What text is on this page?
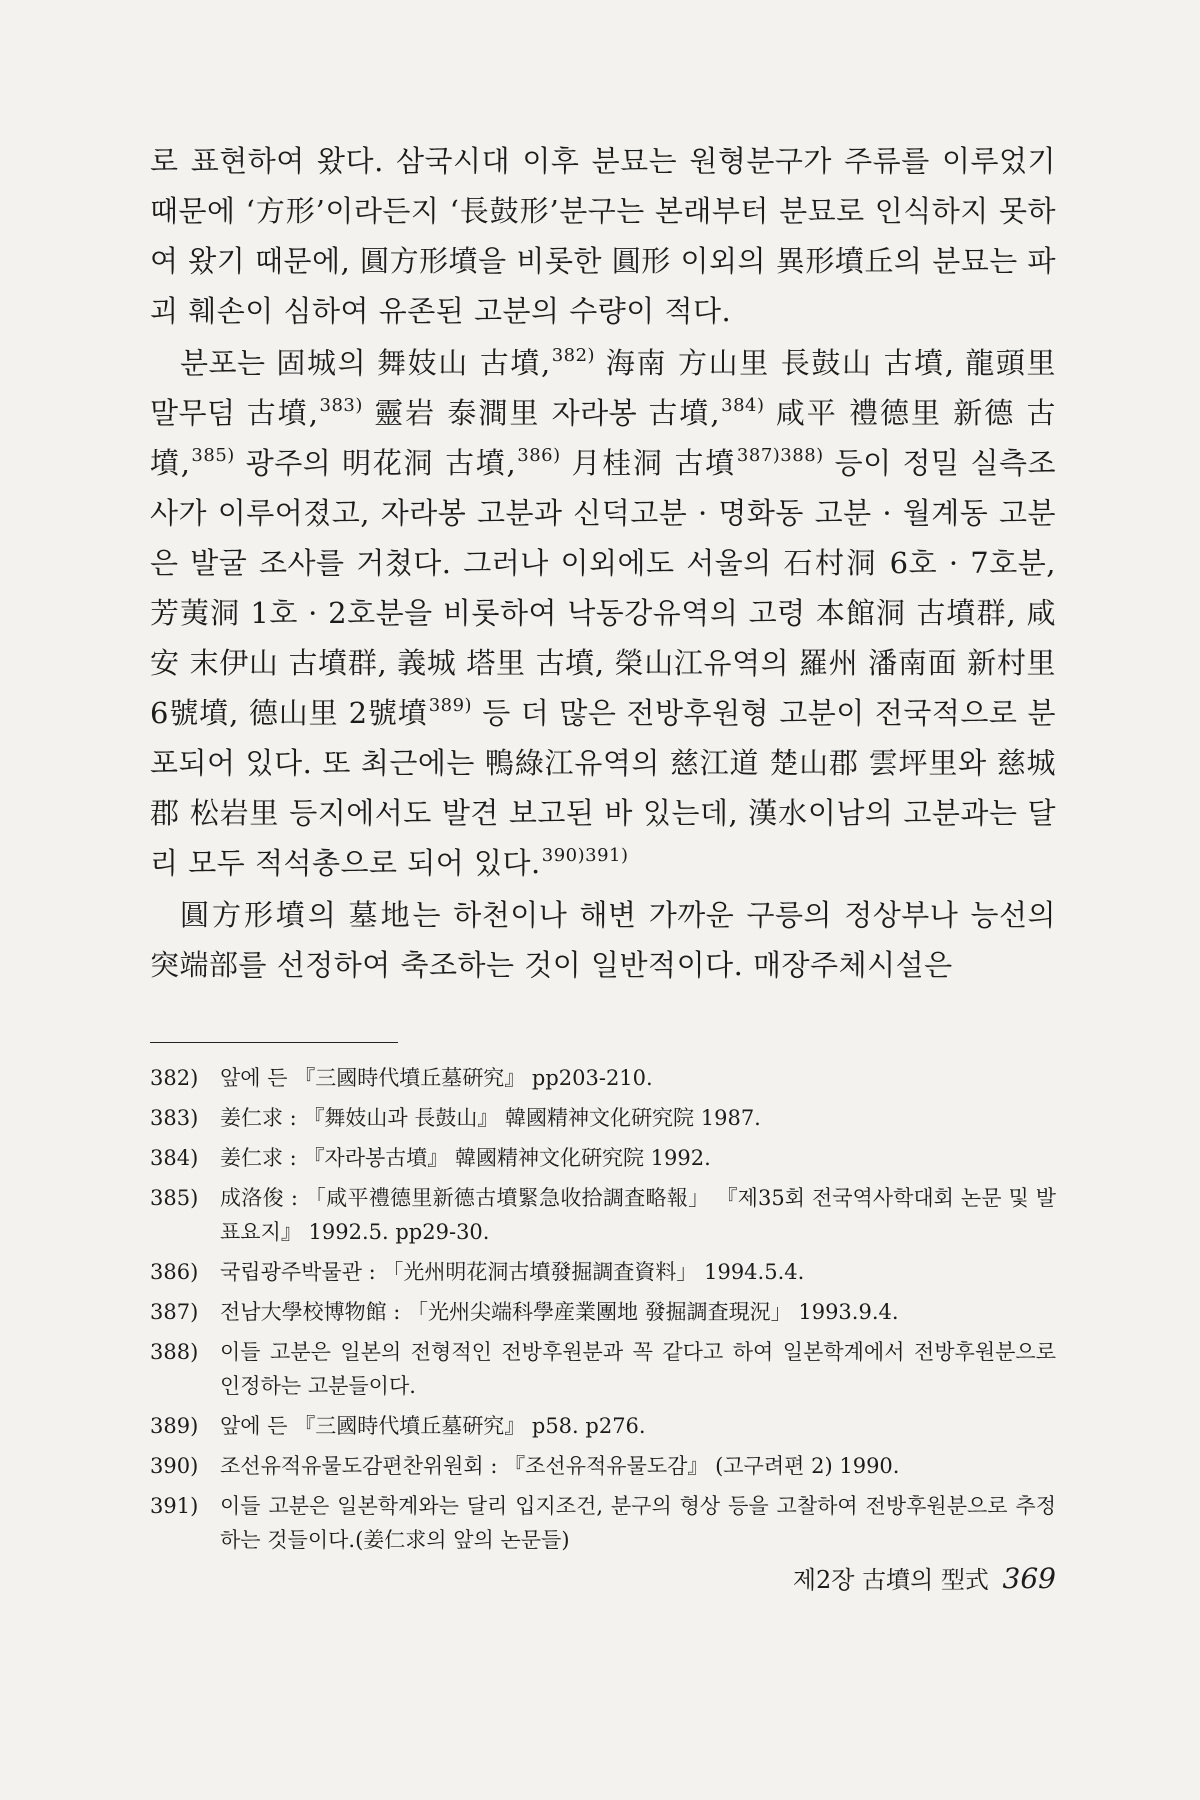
로 표현하여 왔다. 삼국시대 이후 분묘는 원형분구가 주류를 이루었기 때문에 ‘方形’이라든지 ‘長鼓形’분구는 본래부터 분묘로 인식하지 못하여 왔기 때문에, 圓方形墳을 비롯한 圓形 이외의 異形墳丘의 분묘는 파괴 훼손이 심하여 유존된 고분의 수량이 적다.

분포는 固城의 舞妓山 古墳,$^{382)}$ 海南 方山里 長鼓山 古墳, 龍頭里 말무덤 古墳,$^{383)}$ 靈岩 泰澗里 자라봉 古墳,$^{384)}$ 咸平 禮德里 新德 古墳,$^{385)}$ 광주의 明花洞 古墳,$^{386)}$ 月桂洞 古墳$^{387)388)}$ 등이 정밀 실측조사가 이루어졌고, 자라봉 고분과 신덕고분 · 명화동 고분 · 월계동 고분은 발굴 조사를 거쳤다. 그러나 이외에도 서울의 石村洞 6호 · 7호분, 芳荑洞 1호 · 2호분을 비롯하여 낙동강유역의 고령 本館洞 古墳群, 咸安 末伊山 古墳群, 義城 塔里 古墳, 榮山江유역의 羅州 潘南面 新村里 6號墳, 德山里 2號墳$^{389)}$ 등 더 많은 전방후원형 고분이 전국적으로 분포되어 있다. 또 최근에는 鴨綠江유역의 慈江道 楚山郡 雲坪里와 慈城郡 松岩里 등지에서도 발견 보고된 바 있는데, 漢水이남의 고분과는 달리 모두 적석총으로 되어 있다.$^{390)391)}$

圓方形墳의 墓地는 하천이나 해변 가까운 구릉의 정상부나 능선의 突端部를 선정하여 축조하는 것이 일반적이다. 매장주체시설은

382) 앞에 든 『三國時代墳丘墓硏究』 pp203-210.
383) 姜仁求 : 『舞妓山과 長鼓山』 韓國精神文化硏究院 1987.
384) 姜仁求 : 『자라봉古墳』 韓國精神文化硏究院 1992.
385) 成洛俊 : 「咸平禮德里新德古墳緊急收拾調査略報」 『제35회 전국역사학대회 논문 및 발표요지』 1992.5. pp29-30.
386) 국립광주박물관 : 「光州明花洞古墳發掘調査資料」 1994.5.4.
387) 전남大學校博物館 : 「光州尖端科學産業團地 發掘調査現況」 1993.9.4.
388) 이들 고분은 일본의 전형적인 전방후원분과 꼭 같다고 하여 일본학계에서 전방후원분으로 인정하는 고분들이다.
389) 앞에 든 『三國時代墳丘墓硏究』 p58. p276.
390) 조선유적유물도감편찬위원회 : 『조선유적유물도감』 (고구려편 2) 1990.
391) 이들 고분은 일본학계와는 달리 입지조건, 분구의 형상 등을 고찰하여 전방후원분으로 추정하는 것들이다.(姜仁求의 앞의 논문들)
제2장 古墳의 型式 369
